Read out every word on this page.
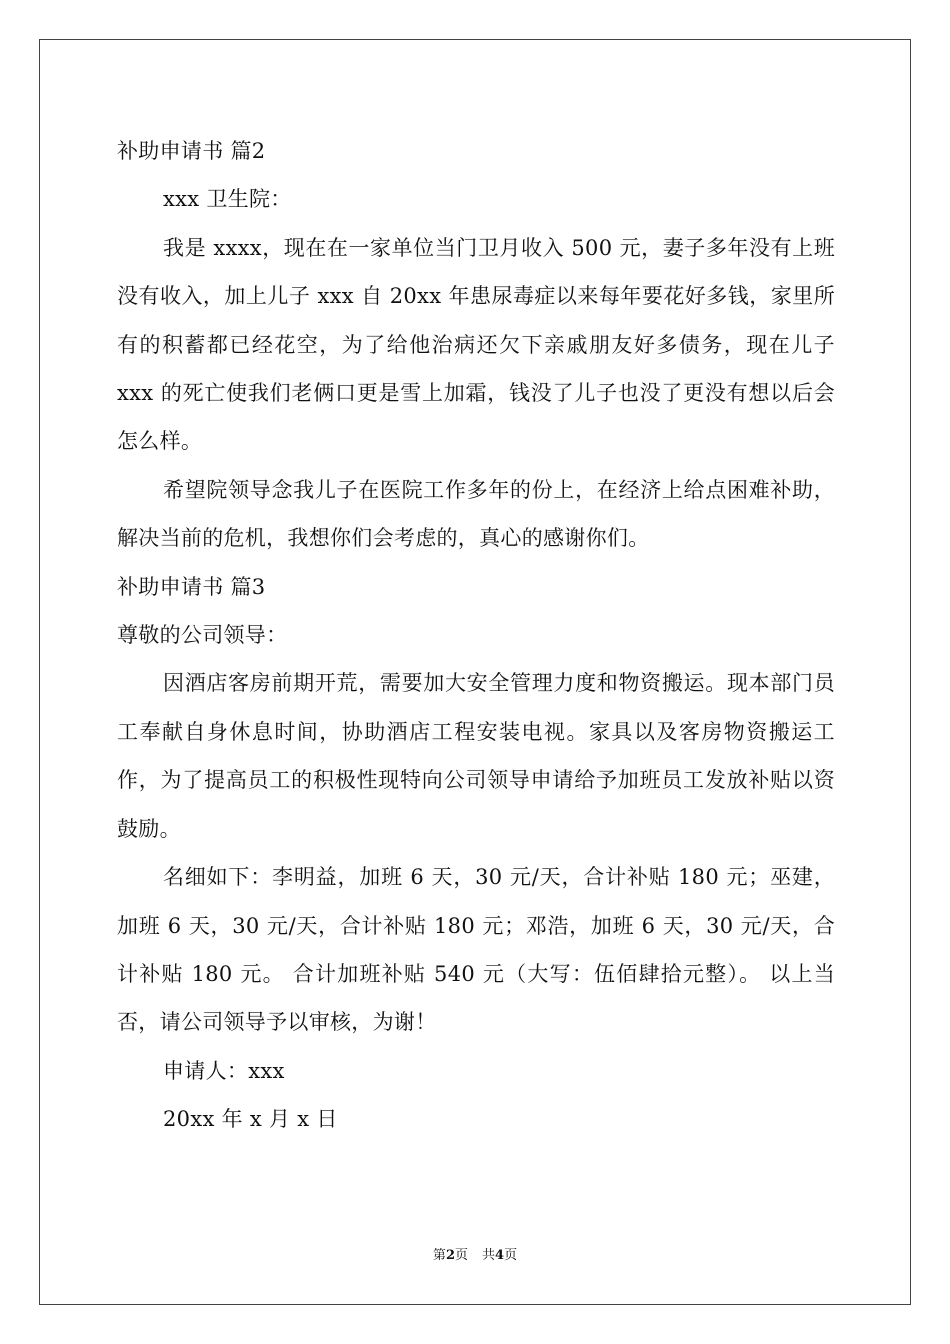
补助申请书 篇2

xxx 卫生院：

我是 xxxx，现在在一家单位当门卫月收入 500 元，妻子多年没有上班没有收入，加上儿子 xxx 自 20xx 年患尿毒症以来每年要花好多钱，家里所有的积蓄都已经花空，为了给他治病还欠下亲戚朋友好多债务，现在儿子 xxx 的死亡使我们老俩口更是雪上加霜，钱没了儿子也没了更没有想以后会怎么样。

希望院领导念我儿子在医院工作多年的份上，在经济上给点困难补助，解决当前的危机，我想你们会考虑的，真心的感谢你们。

补助申请书 篇3

尊敬的公司领导：

因酒店客房前期开荒，需要加大安全管理力度和物资搬运。现本部门员工奉献自身休息时间，协助酒店工程安装电视。家具以及客房物资搬运工作，为了提高员工的积极性现特向公司领导申请给予加班员工发放补贴以资鼓励。

名细如下：李明益，加班 6 天，30 元/天，合计补贴 180 元；巫建，加班 6 天，30 元/天，合计补贴 180 元；邓浩，加班 6 天，30 元/天，合计补贴 180 元。 合计加班补贴 540 元（大写：伍佰肆拾元整）。 以上当否，请公司领导予以审核，为谢！

申请人：xxx

20xx 年 x 月 x 日

第2页 共4页
